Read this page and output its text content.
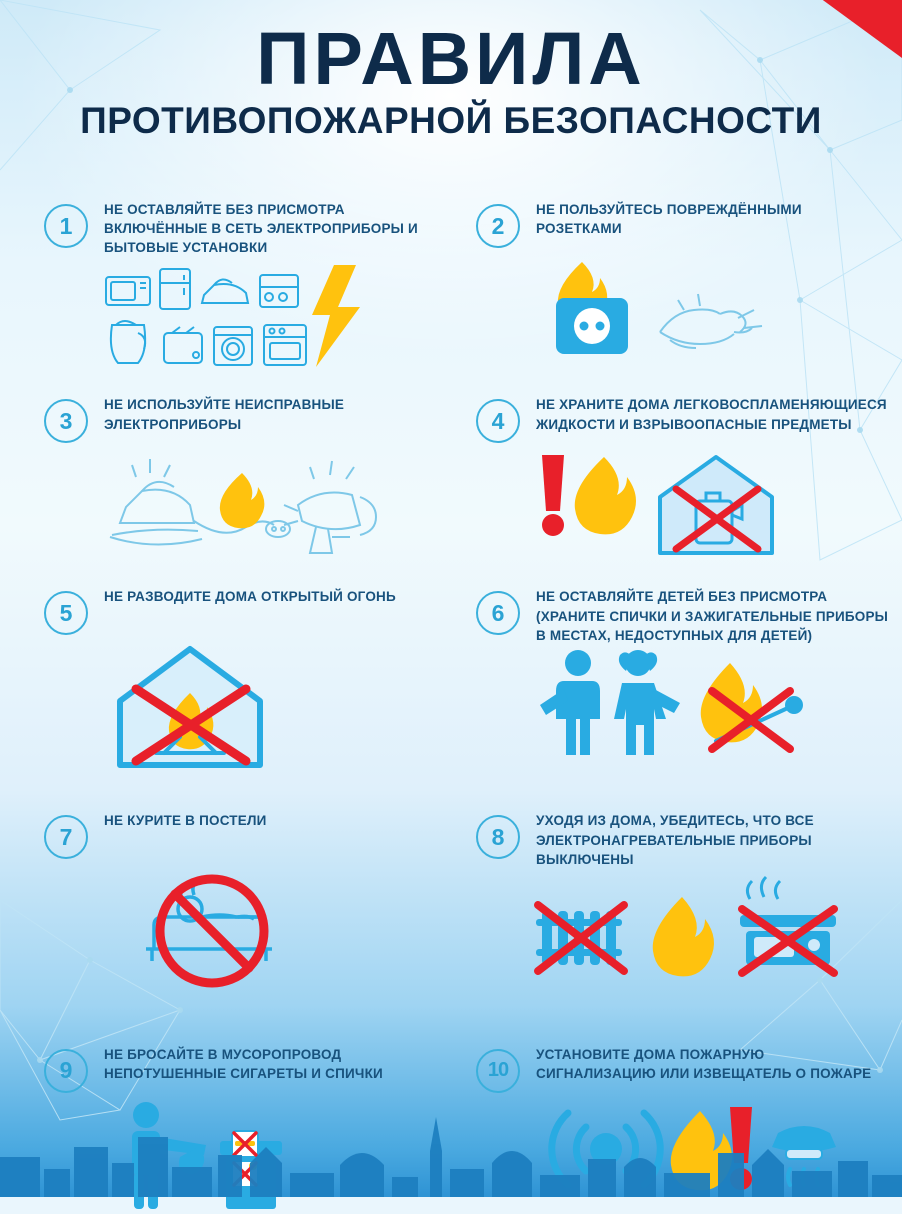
ПРАВИЛА
ПРОТИВОПОЖАРНОЙ БЕЗОПАСНОСТИ
1
НЕ ОСТАВЛЯЙТЕ БЕЗ ПРИСМОТРА ВКЛЮЧЁННЫЕ В СЕТЬ ЭЛЕКТРОПРИБОРЫ И БЫТОВЫЕ УСТАНОВКИ
2
НЕ ПОЛЬЗУЙТЕСЬ ПОВРЕЖДЁННЫМИ РОЗЕТКАМИ
3
НЕ ИСПОЛЬЗУЙТЕ НЕИСПРАВНЫЕ ЭЛЕКТРОПРИБОРЫ	4
НЕ ХРАНИТЕ ДОМА ЛЕГКОВОСПЛАМЕНЯЮЩИЕСЯ ЖИДКОСТИ И ВЗРЫВООПАСНЫЕ ПРЕДМЕТЫ
5
НЕ РАЗВОДИТЕ ДОМА ОТКРЫТЫЙ ОГОНЬ
6
НЕ ОСТАВЛЯЙТЕ ДЕТЕЙ БЕЗ ПРИСМОТРА (ХРАНИТЕ СПИЧКИ И ЗАЖИГАТЕЛЬНЫЕ ПРИБОРЫ В МЕСТАХ, НЕДОСТУПНЫХ ДЛЯ ДЕТЕЙ)
7
НЕ КУРИТЕ В ПОСТЕЛИ
8
УХОДЯ ИЗ ДОМА, УБЕДИТЕСЬ, ЧТО ВСЕ ЭЛЕКТРОНАГРЕВАТЕЛЬНЫЕ ПРИБОРЫ ВЫКЛЮЧЕНЫ
9
НЕ БРОСАЙТЕ В МУСОРОПРОВОД НЕПОТУШЕННЫЕ СИГАРЕТЫ И СПИЧКИ	10
УСТАНОВИТЕ ДОМА ПОЖАРНУЮ СИГНАЛИЗАЦИЮ ИЛИ ИЗВЕЩАТЕЛЬ О ПОЖАРЕ
